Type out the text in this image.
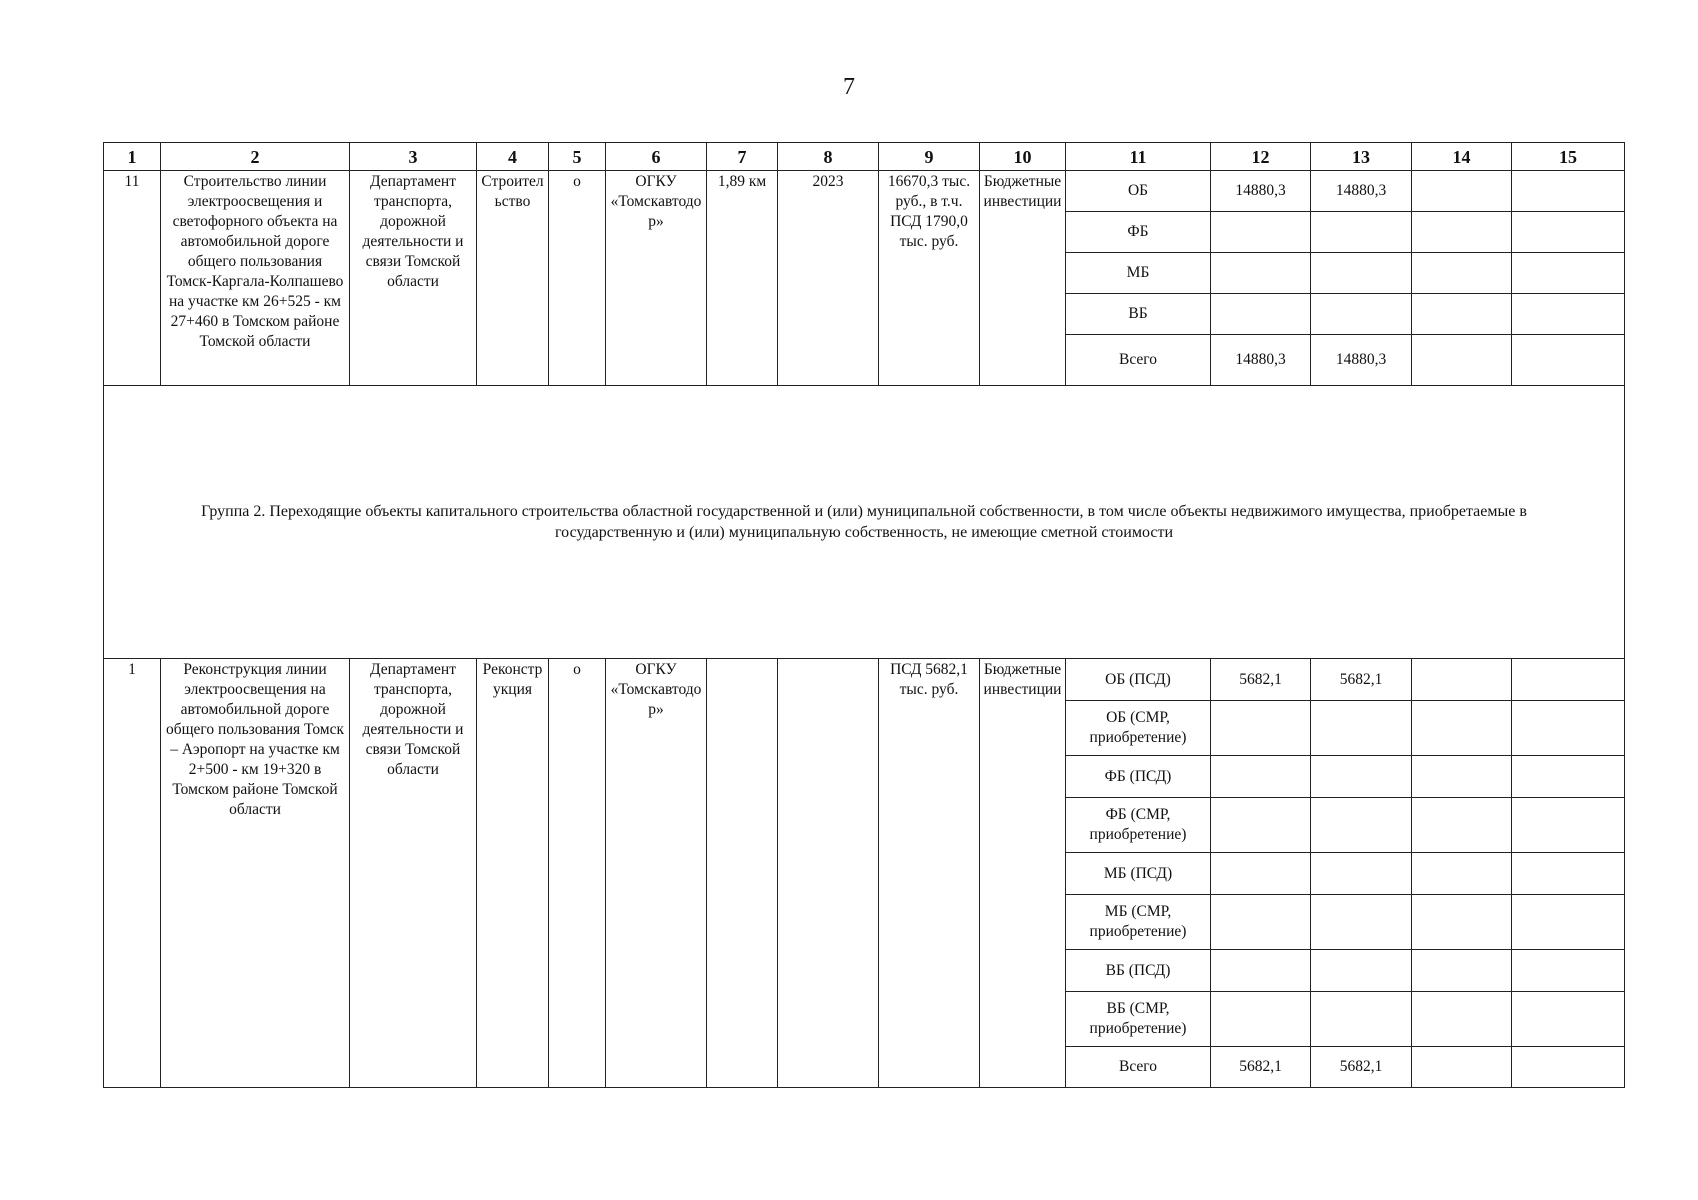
7
1	2	3	4	5	6	7	8	9	10	11	12	13	14	15
11	Строительство линии электроосвещения и светофорного объекта на автомобильной дороге общего пользования Томск-Каргала-Колпашево на участке км 26+525 - км 27+460 в Томском районе Томской области	Департамент транспорта, дорожной деятельности и связи Томской области	Строительство	о	ОГКУ «Томскавтодор»	1,89 км	2023	16670,3 тыс. руб., в т.ч. ПСД 1790,0 тыс. руб.	Бюджетные инвестиции	ОБ	14880,3	14880,3		
										ФБ				
										МБ				
										ВБ				
										Всего	14880,3	14880,3		
Группа 2. Переходящие объекты капитального строительства областной государственной и (или) муниципальной собственности, в том числе объекты недвижимого имущества, приобретаемые в государственную и (или) муниципальную собственность, не имеющие сметной стоимости														
1	Реконструкция линии электроосвещения на автомобильной дороге общего пользования Томск – Аэропорт на участке км 2+500 - км 19+320 в Томском районе Томской области	Департамент транспорта, дорожной деятельности и связи Томской области	Реконструкция	о	ОГКУ «Томскавтодор»			ПСД 5682,1 тыс. руб.	Бюджетные инвестиции	ОБ (ПСД)	5682,1	5682,1		
										ОБ (СМР, приобретение)				
										ФБ (ПСД)				
										ФБ (СМР, приобретение)				
										МБ (ПСД)				
										МБ (СМР, приобретение)				
										ВБ (ПСД)				
										ВБ (СМР, приобретение)				
										Всего	5682,1	5682,1		
